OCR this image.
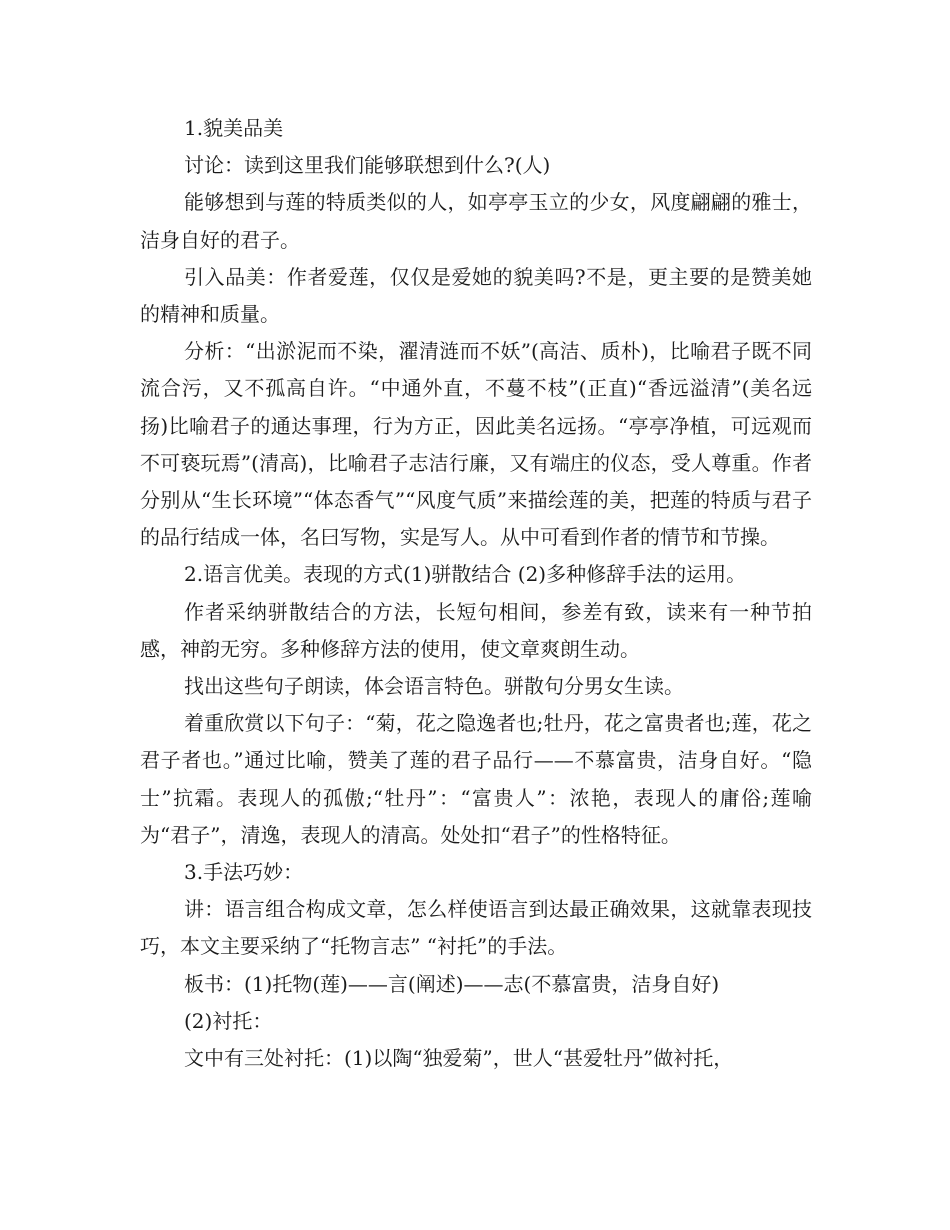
1.貌美品美

讨论：读到这里我们能够联想到什么?(人)

能够想到与莲的特质类似的人，如亭亭玉立的少女，风度翩翩的雅士，洁身自好的君子。

引入品美：作者爱莲，仅仅是爱她的貌美吗?不是，更主要的是赞美她的精神和质量。

分析：“出淤泥而不染，濯清涟而不妖”(高洁、质朴)，比喻君子既不同流合污，又不孤高自许。“中通外直，不蔓不枝”(正直)“香远溢清”(美名远扬)比喻君子的通达事理，行为方正，因此美名远扬。“亭亭净植，可远观而不可亵玩焉”(清高)，比喻君子志洁行廉，又有端庄的仪态，受人尊重。作者 分别从“生长环境”“体态香气”“风度气质”来描绘莲的美，把莲的特质与君子的品行结成一体，名曰写物，实是写人。从中可看到作者的情节和节操。

2.语言优美。表现的方式(1)骈散结合 (2)多种修辞手法的运用。

作者采纳骈散结合的方法，长短句相间，参差有致，读来有一种节拍感，神韵无穷。多种修辞方法的使用，使文章爽朗生动。

找出这些句子朗读，体会语言特色。骈散句分男女生读。

着重欣赏以下句子：“菊，花之隐逸者也;牡丹，花之富贵者也;莲，花之君子者也。”通过比喻，赞美了莲的君子品行——不慕富贵，洁身自好。“隐士”抗霜。表现人的孤傲;“牡丹”：“富贵人”：浓艳，表现人的庸俗;莲喻为“君子”，清逸，表现人的清高。处处扣“君子”的性格特征。

3.手法巧妙：

讲：语言组合构成文章，怎么样使语言到达最正确效果，这就靠表现技巧，本文主要采纳了“托物言志” “衬托”的手法。

板书：(1)托物(莲)——言(阐述)——志(不慕富贵，洁身自好)

(2)衬托：

文中有三处衬托：(1)以陶“独爱菊”，世人“甚爱牡丹”做衬托，
